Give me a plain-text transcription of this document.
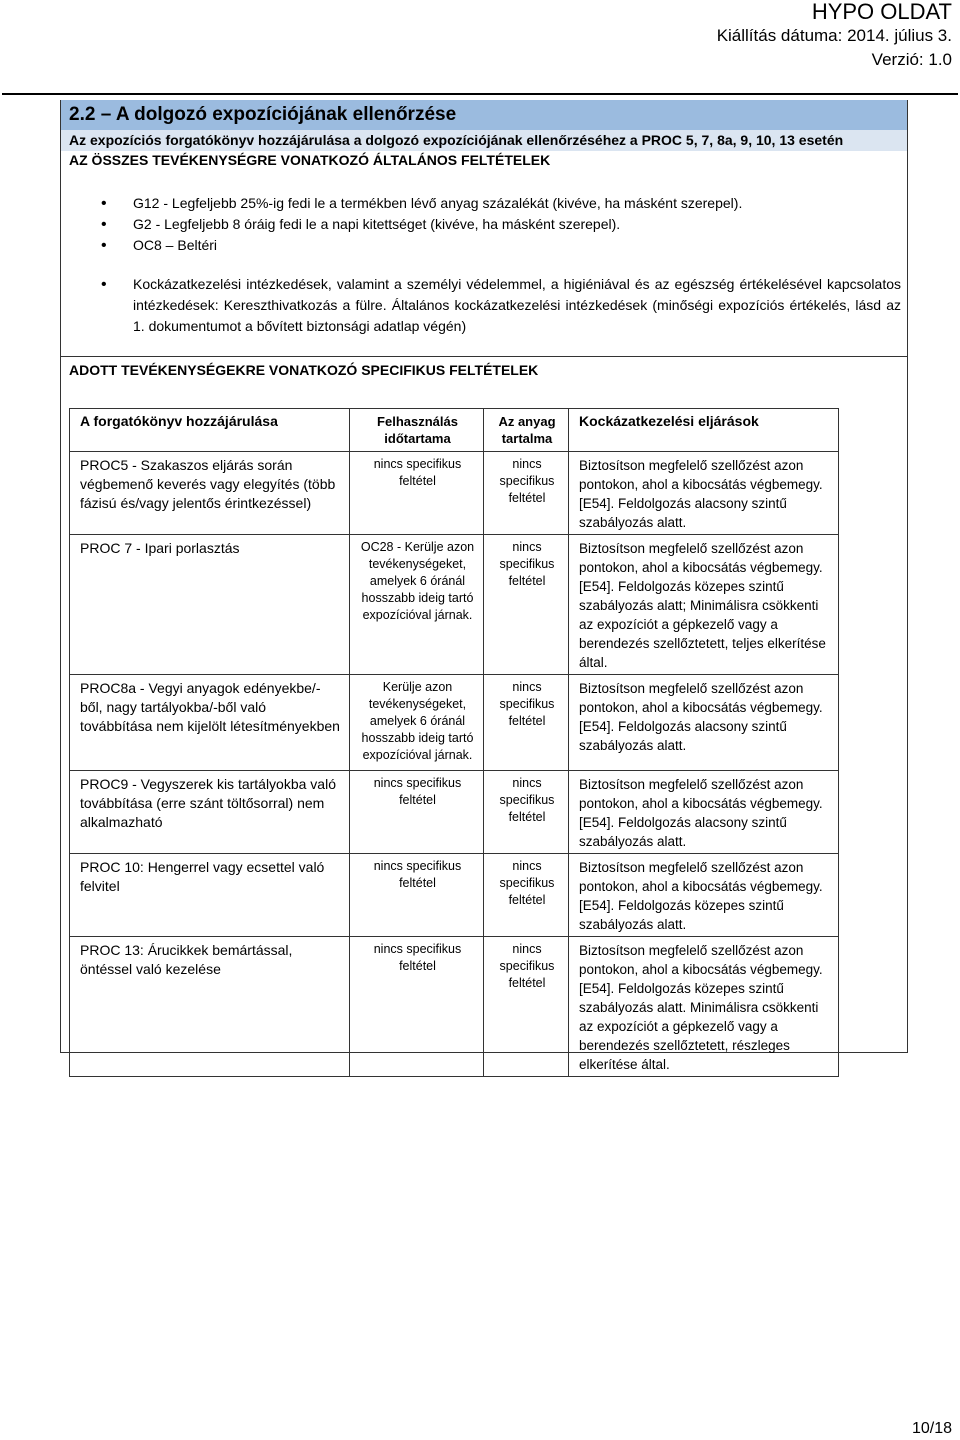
HYPO OLDAT
Kiállítás dátuma: 2014. július 3.
Verzió: 1.0
2.2 – A dolgozó expozíciójának ellenőrzése
Az expozíciós forgatókönyv hozzájárulása a dolgozó expozíciójának ellenőrzéséhez a PROC 5, 7, 8a, 9, 10, 13 esetén
AZ ÖSSZES TEVÉKENYSÉGRE VONATKOZÓ ÁLTALÁNOS FELTÉTELEK
• G12 - Legfeljebb 25%-ig fedi le a termékben lévő anyag százalékát (kivéve, ha másként szerepel).
• G2 - Legfeljebb 8 óráig fedi le a napi kitettséget (kivéve, ha másként szerepel).
• OC8 – Beltéri
• Kockázatkezelési intézkedések, valamint a személyi védelemmel, a higiéniával és az egészség értékelésével kapcsolatos intézkedések: Kereszthivatkozás a fülre. Általános kockázatkezelési intézkedések (minőségi expozíciós értékelés, lásd az 1. dokumentumot a bővített biztonsági adatlap végén)
ADOTT TEVÉKENYSÉGEKRE VONATKOZÓ SPECIFIKUS FELTÉTELEK
A forgatókönyv hozzájárulása	Felhasználás időtartama	Az anyag tartalma	Kockázatkezelési eljárások
PROC5 - Szakaszos eljárás során végbemenő keverés vagy elegyítés (több fázisú és/vagy jelentős érintkezéssel)	nincs specifikus feltétel	nincs specifikus feltétel	Biztosítson megfelelő szellőzést azon pontokon, ahol a kibocsátás végbemegy. [E54]. Feldolgozás alacsony szintű szabályozás alatt.
PROC 7 - Ipari porlasztás	OC28 - Kerülje azon tevékenységeket, amelyek 6 óránál hosszabb ideig tartó expozícióval járnak.	nincs specifikus feltétel	Biztosítson megfelelő szellőzést azon pontokon, ahol a kibocsátás végbemegy. [E54]. Feldolgozás közepes szintű szabályozás alatt; Minimálisra csökkenti az expozíciót a gépkezelő vagy a berendezés szellőztetett, teljes elkerítése által.
PROC8a - Vegyi anyagok edényekbe/-ből, nagy tartályokba/-ből való továbbítása nem kijelölt létesítményekben	Kerülje azon tevékenységeket, amelyek 6 óránál hosszabb ideig tartó expozícióval járnak.	nincs specifikus feltétel	Biztosítson megfelelő szellőzést azon pontokon, ahol a kibocsátás végbemegy. [E54]. Feldolgozás alacsony szintű szabályozás alatt.
PROC9 - Vegyszerek kis tartályokba való továbbítása (erre szánt töltősorral) nem alkalmazható	nincs specifikus feltétel	nincs specifikus feltétel	Biztosítson megfelelő szellőzést azon pontokon, ahol a kibocsátás végbemegy. [E54]. Feldolgozás alacsony szintű szabályozás alatt.
PROC 10: Hengerrel vagy ecsettel való felvitel	nincs specifikus feltétel	nincs specifikus feltétel	Biztosítson megfelelő szellőzést azon pontokon, ahol a kibocsátás végbemegy. [E54]. Feldolgozás közepes szintű szabályozás alatt.
PROC 13: Árucikkek bemártással, öntéssel való kezelése	nincs specifikus feltétel	nincs specifikus feltétel	Biztosítson megfelelő szellőzést azon pontokon, ahol a kibocsátás végbemegy. [E54]. Feldolgozás közepes szintű szabályozás alatt. Minimálisra csökkenti az expozíciót a gépkezelő vagy a berendezés szellőztetett, részleges elkerítése által.
10/18
